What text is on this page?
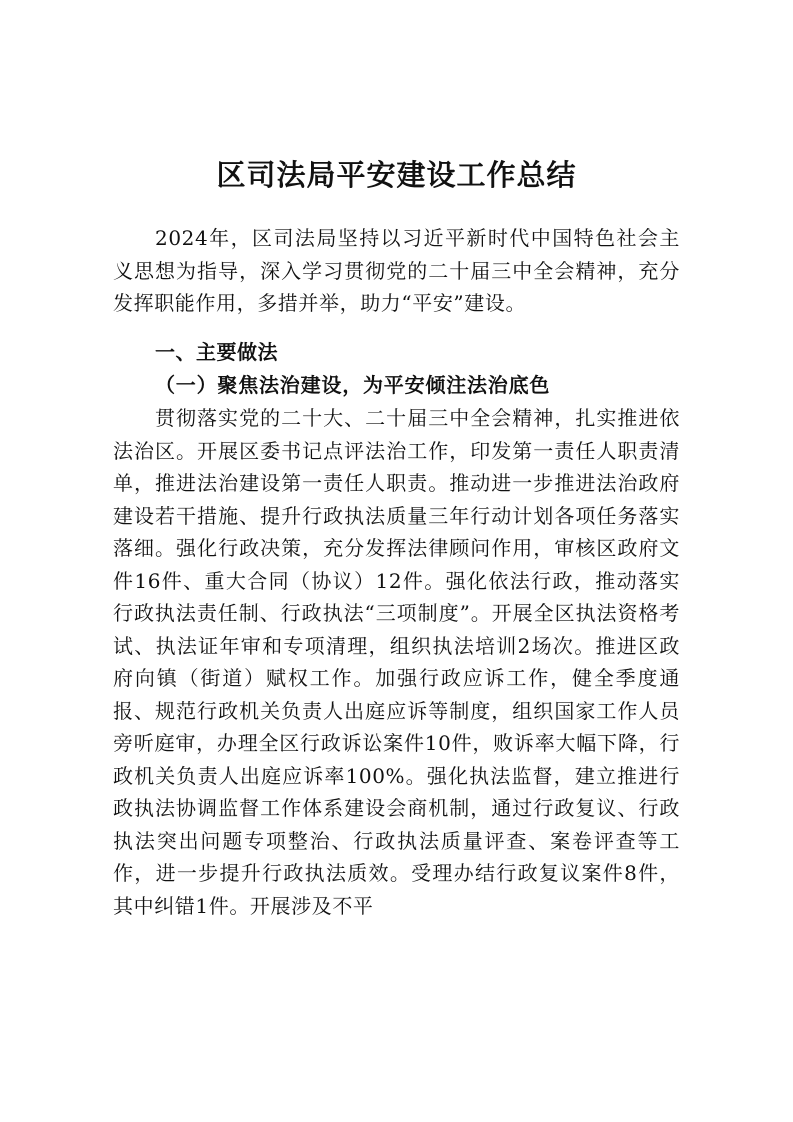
区司法局平安建设工作总结

2024年，区司法局坚持以习近平新时代中国特色社会主义思想为指导，深入学习贯彻党的二十届三中全会精神，充分发挥职能作用，多措并举，助力“平安”建设。

一、主要做法
（一）聚焦法治建设，为平安倾注法治底色

贯彻落实党的二十大、二十届三中全会精神，扎实推进依法治区。开展区委书记点评法治工作，印发第一责任人职责清单，推进法治建设第一责任人职责。推动进一步推进法治政府建设若干措施、提升行政执法质量三年行动计划各项任务落实落细。强化行政决策，充分发挥法律顾问作用，审核区政府文件16件、重大合同（协议）12件。强化依法行政，推动落实行政执法责任制、行政执法“三项制度”。开展全区执法资格考试、执法证年审和专项清理，组织执法培训2场次。推进区政府向镇（街道）赋权工作。加强行政应诉工作，健全季度通报、规范行政机关负责人出庭应诉等制度，组织国家工作人员旁听庭审，办理全区行政诉讼案件10件，败诉率大幅下降，行政机关负责人出庭应诉率100%。强化执法监督，建立推进行政执法协调监督工作体系建设会商机制，通过行政复议、行政执法突出问题专项整治、行政执法质量评查、案卷评查等工作，进一步提升行政执法质效。受理办结行政复议案件8件，其中纠错1件。开展涉及不平
